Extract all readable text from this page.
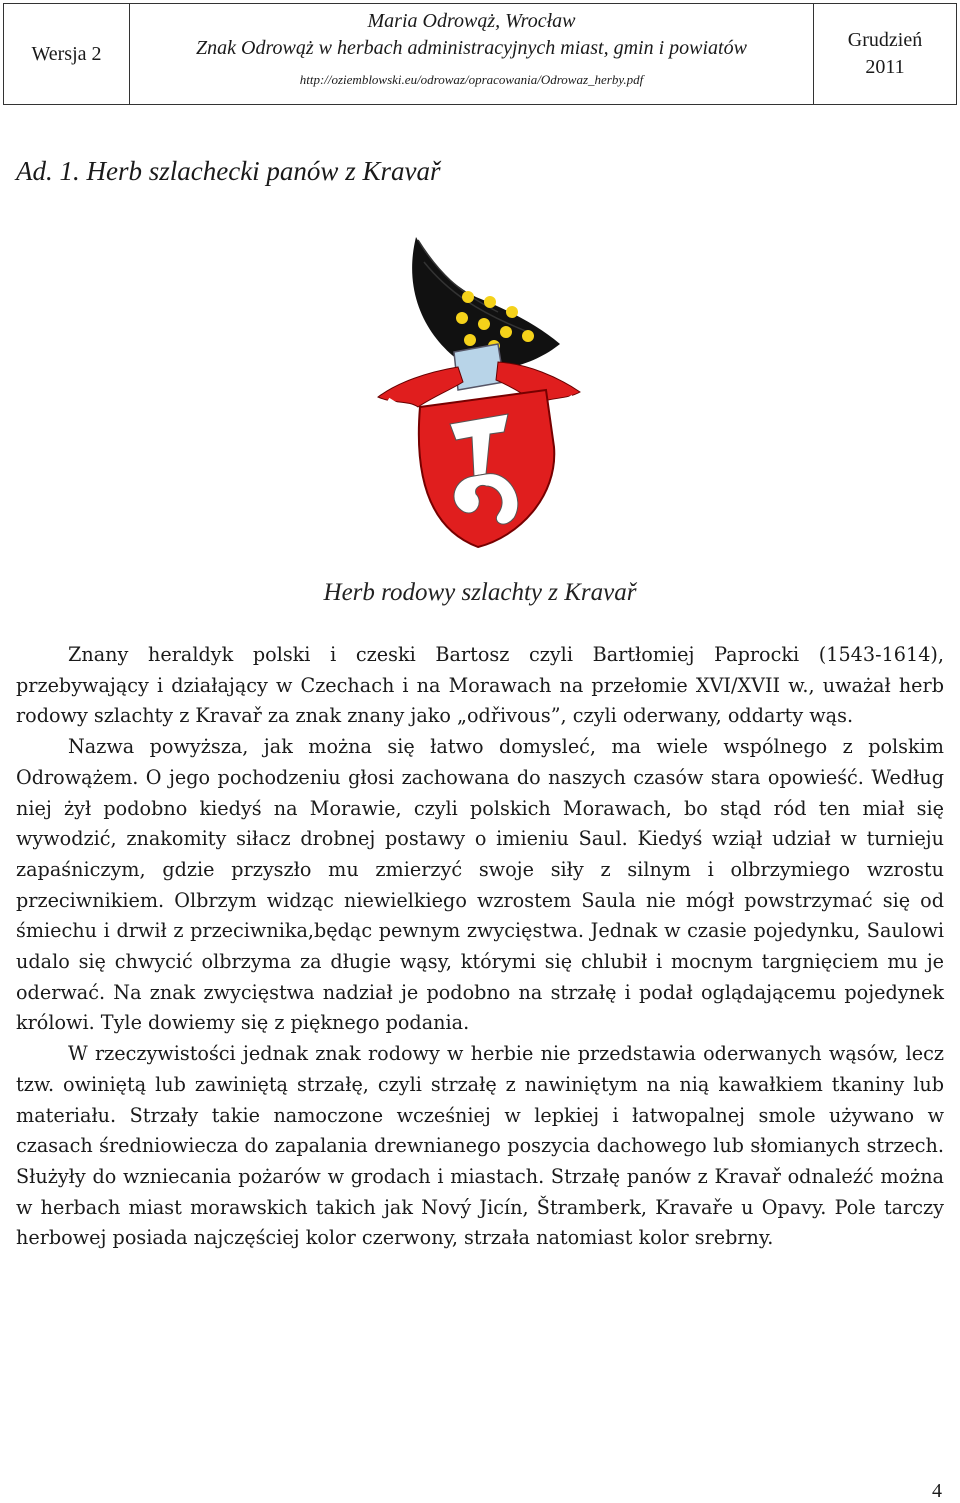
Wersja 2
Maria Odrowąż, Wrocław
Znak Odrowąż w herbach administracyjnych miast, gmin i powiatów
http://oziemblowski.eu/odrowaz/opracowania/Odrowaz_herby.pdf
Grudzień
2011
Ad. 1. Herb szlachecki panów z Kravař
Herb rodowy szlachty z Kravař

Znany heraldyk polski i czeski Bartosz czyli Bartłomiej Paprocki (1543-1614), przebywający i działający w Czechach i na Morawach na przełomie XVI/XVII w., uważał herb rodowy szlachty z Kravař za znak znany jako „odřivous”, czyli oderwany, oddarty wąs.

Nazwa powyższa, jak można się łatwo domysleć, ma wiele wspólnego z polskim Odrowążem. O jego pochodzeniu głosi zachowana do naszych czasów stara opowieść. Według niej żył podobno kiedyś na Morawie, czyli polskich Morawach, bo stąd ród ten miał się wywodzić, znakomity siłacz drobnej postawy o imieniu Saul. Kiedyś wziął udział w turnieju zapaśniczym, gdzie przyszło mu zmierzyć swoje siły z silnym i olbrzymiego wzrostu przeciwnikiem. Olbrzym widząc niewielkiego wzrostem Saula nie mógł powstrzymać się od śmiechu i drwił z przeciwnika,będąc pewnym zwycięstwa. Jednak w czasie pojedynku, Saulowi udalo się chwycić olbrzyma za długie wąsy, którymi się chlubił i mocnym targnięciem mu je oderwać. Na znak zwycięstwa nadział je podobno na strzałę i podał oglądającemu pojedynek królowi. Tyle dowiemy się z pięknego podania.

W rzeczywistości jednak znak rodowy w herbie nie przedstawia oderwanych wąsów, lecz tzw. owiniętą lub zawiniętą strzałę, czyli strzałę z nawiniętym na nią kawałkiem tkaniny lub materiału. Strzały takie namoczone wcześniej w lepkiej i łatwopalnej smole używano w czasach średniowiecza do zapalania drewnianego poszycia dachowego lub słomianych strzech. Służyły do wzniecania pożarów w grodach i miastach. Strzałę panów z Kravař odnaleźć można w herbach miast morawskich takich jak Nový Jicín, Štramberk, Kravaře u Opavy. Pole tarczy herbowej posiada najczęściej kolor czerwony, strzała natomiast kolor srebrny.

4
